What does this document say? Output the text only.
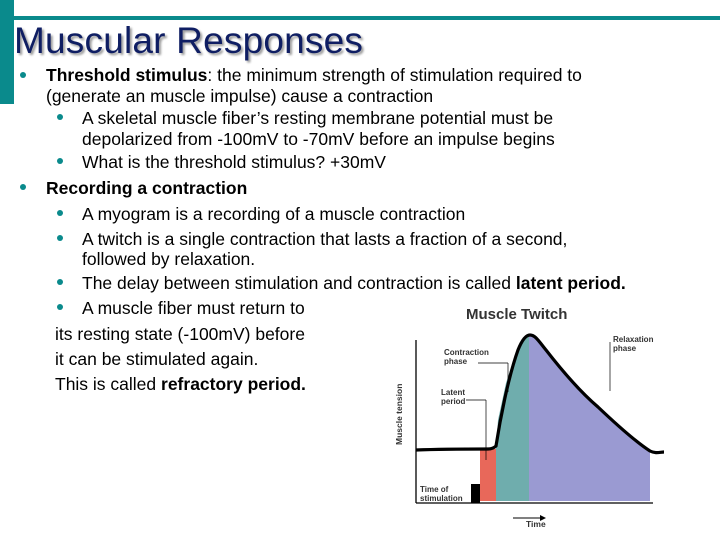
Muscular Responses
Threshold stimulus: the minimum strength of stimulation required to
(generate an muscle impulse) cause a contraction
A skeletal muscle fiber’s resting membrane potential must be
depolarized from -100mV to -70mV before an impulse begins
What is the threshold stimulus? +30mV
Recording a contraction
A myogram is a recording of a muscle contraction
A twitch is a single contraction that lasts a fraction of a second,
followed by relaxation.
The delay between stimulation and contraction is called latent period.
A muscle fiber must return to
its resting state (-100mV) before
it can be stimulated again.
This is called refractory period.
Muscle Twitch
Contraction
phase
Relaxation
phase
Latent
period
Time of
stimulation
Muscle tension
Time
